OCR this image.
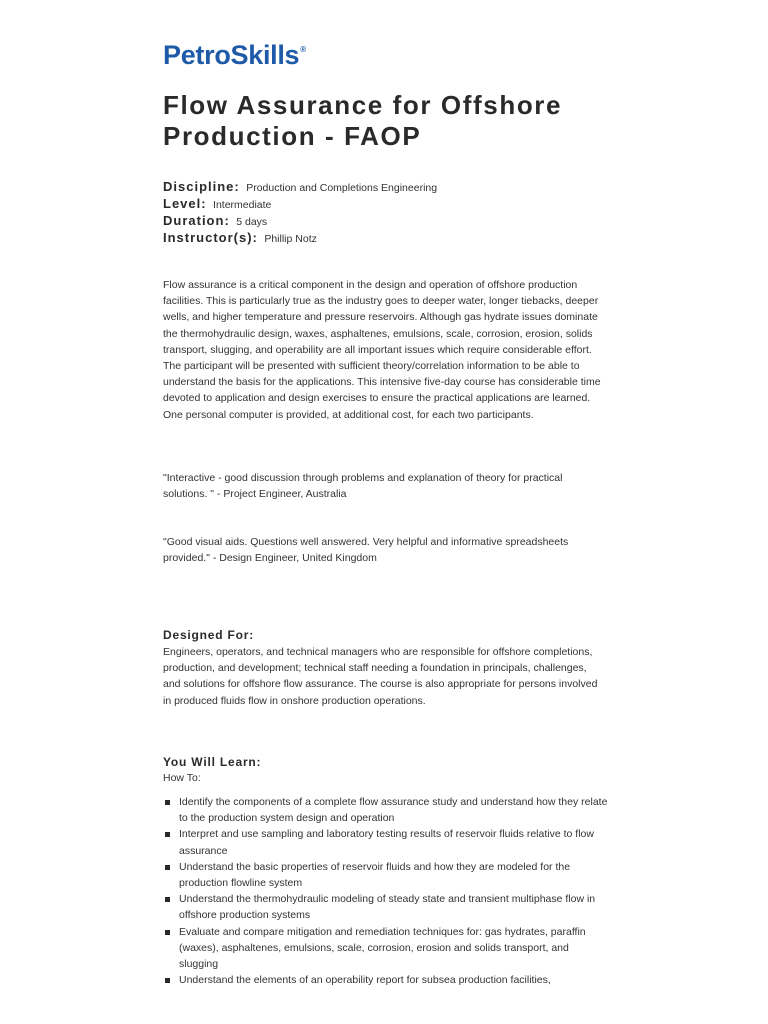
PetroSkills®
Flow Assurance for Offshore Production - FAOP
Discipline: Production and Completions Engineering
Level: Intermediate
Duration: 5 days
Instructor(s): Phillip Notz

Flow assurance is a critical component in the design and operation of offshore production facilities. This is particularly true as the industry goes to deeper water, longer tiebacks, deeper wells, and higher temperature and pressure reservoirs. Although gas hydrate issues dominate the thermohydraulic design, waxes, asphaltenes, emulsions, scale, corrosion, erosion, solids transport, slugging, and operability are all important issues which require considerable effort. The participant will be presented with sufficient theory/correlation information to be able to understand the basis for the applications. This intensive five-day course has considerable time devoted to application and design exercises to ensure the practical applications are learned. One personal computer is provided, at additional cost, for each two participants.

"Interactive - good discussion through problems and explanation of theory for practical solutions. " - Project Engineer, Australia

"Good visual aids. Questions well answered. Very helpful and informative spreadsheets provided." - Design Engineer, United Kingdom

Designed For:

Engineers, operators, and technical managers who are responsible for offshore completions, production, and development; technical staff needing a foundation in principals, challenges, and solutions for offshore flow assurance. The course is also appropriate for persons involved in produced fluids flow in onshore production operations.

You Will Learn:

How To:

Identify the components of a complete flow assurance study and understand how they relate to the production system design and operation
Interpret and use sampling and laboratory testing results of reservoir fluids relative to flow assurance
Understand the basic properties of reservoir fluids and how they are modeled for the production flowline system
Understand the thermohydraulic modeling of steady state and transient multiphase flow in offshore production systems
Evaluate and compare mitigation and remediation techniques for: gas hydrates, paraffin (waxes), asphaltenes, emulsions, scale, corrosion, erosion and solids transport, and slugging
Understand the elements of an operability report for subsea production facilities,
